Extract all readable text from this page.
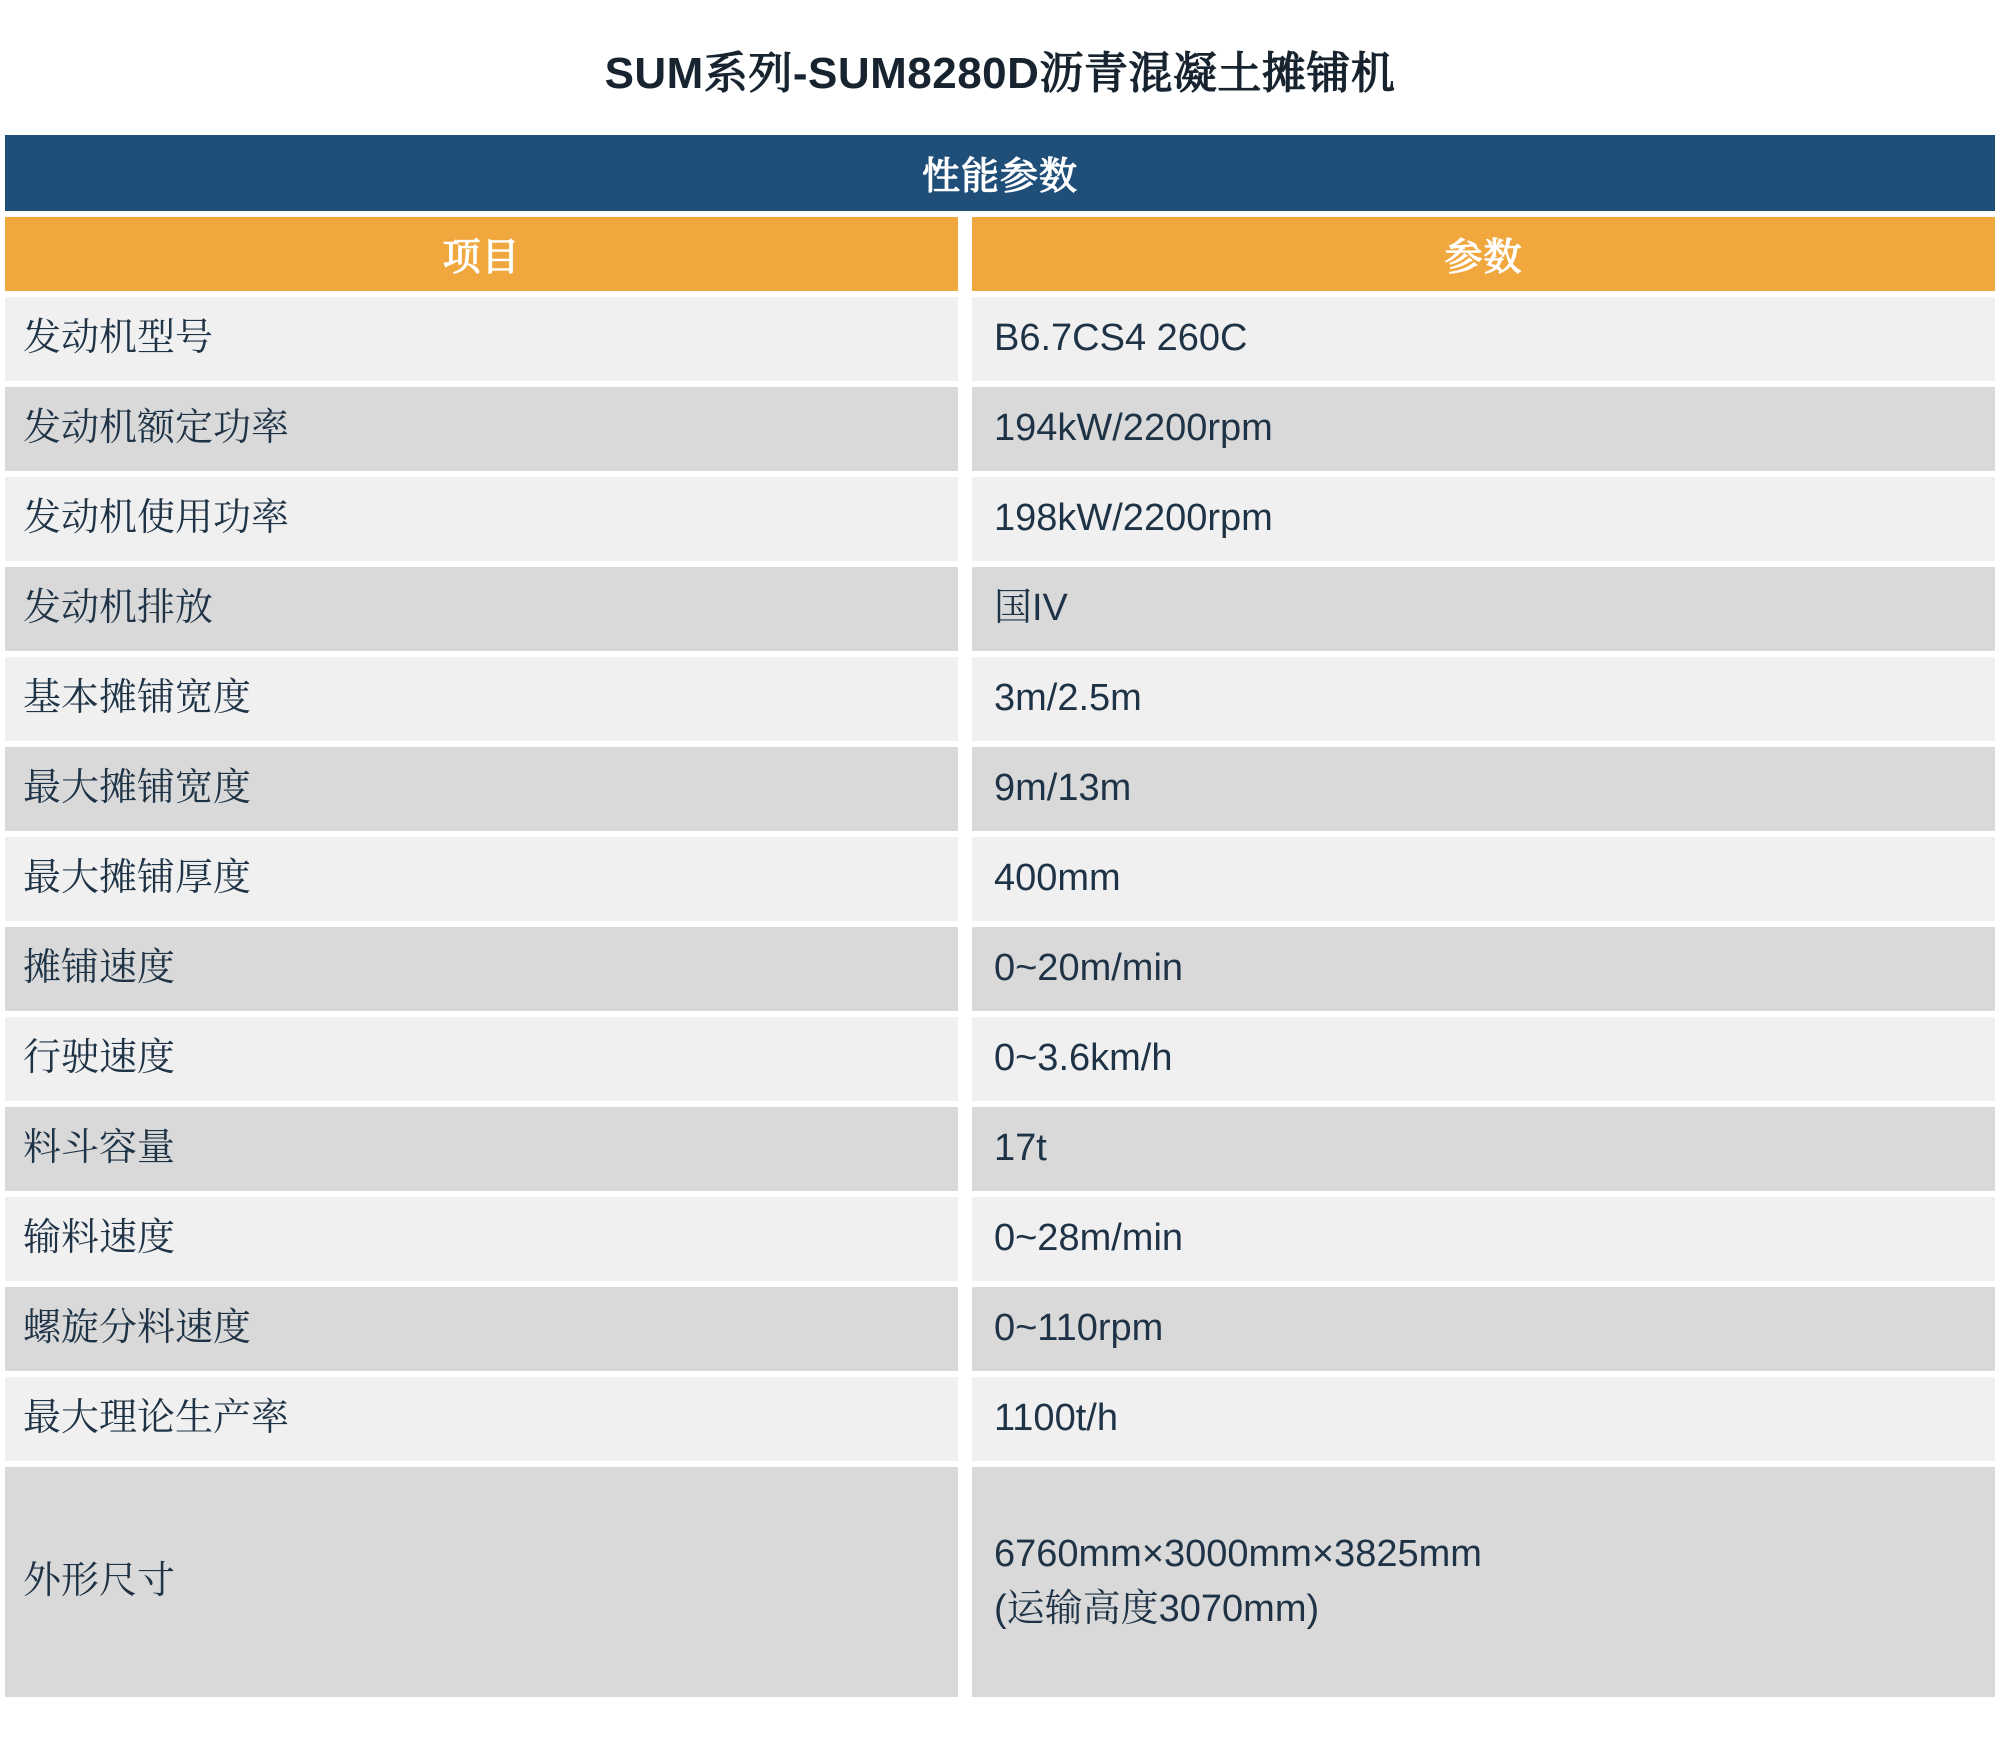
SUM系列-SUM8280D沥青混凝土摊铺机
性能参数	

项目	参数

发动机型号	B6.7CS4 260C

发动机额定功率	194kW/2200rpm

发动机使用功率	198kW/2200rpm

发动机排放	国IV

基本摊铺宽度	3m/2.5m

最大摊铺宽度	9m/13m

最大摊铺厚度	400mm

摊铺速度	0~20m/min

行驶速度	0~3.6km/h

料斗容量	17t

输料速度	0~28m/min

螺旋分料速度	0~110rpm

最大理论生产率	1100t/h

外形尺寸	6760mm×3000mm×3825mm
(运输高度3070mm)
